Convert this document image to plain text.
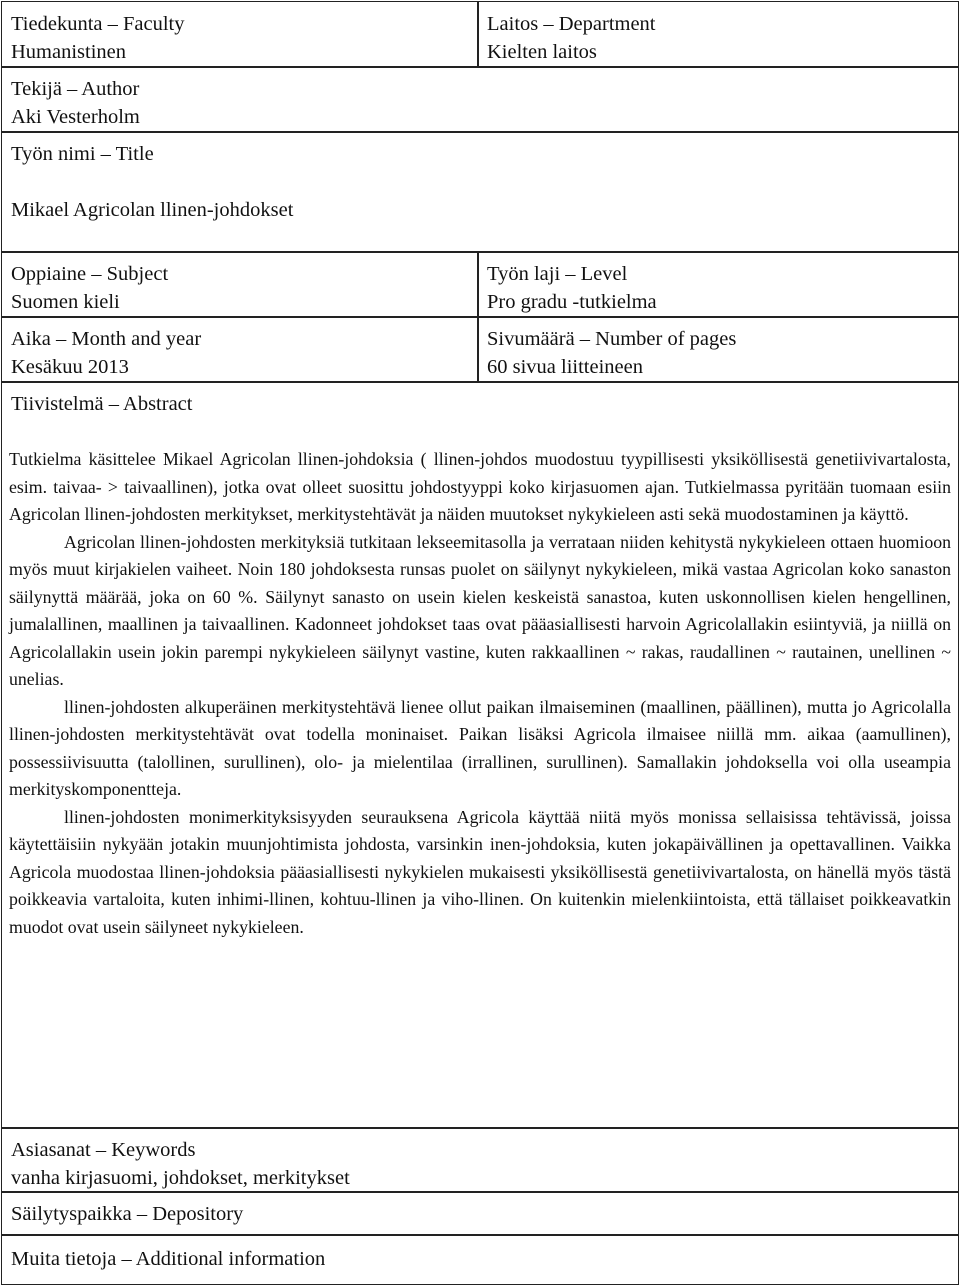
Tiedekunta – Faculty
Humanistinen
Laitos – Department
Kielten laitos
Tekijä – Author
Aki Vesterholm
Työn nimi – Title
Mikael Agricolan llinen-johdokset
Oppiaine – Subject
Suomen kieli
Työn laji – Level
Pro gradu -tutkielma
Aika – Month and year
Kesäkuu 2013
Sivumäärä – Number of pages
60 sivua liitteineen
Tiivistelmä – Abstract

Tutkielma käsittelee Mikael Agricolan llinen-johdoksia ( llinen-johdos muodostuu tyypillisesti yksiköllisestä genetiivivartalosta, esim. taivaa- > taivaallinen), jotka ovat olleet suosittu johdostyyppi koko kirjasuomen ajan. Tutkielmassa pyritään tuomaan esiin Agricolan llinen-johdosten merkitykset, merkitystehtävät ja näiden muutokset nykykieleen asti sekä muodostaminen ja käyttö.

Agricolan llinen-johdosten merkityksiä tutkitaan lekseemitasolla ja verrataan niiden kehitystä nykykieleen ottaen huomioon myös muut kirjakielen vaiheet. Noin 180 johdoksesta runsas puolet on säilynyt nykykieleen, mikä vastaa Agricolan koko sanaston säilynyttä määrää, joka on 60 %. Säilynyt sanasto on usein kielen keskeistä sanastoa, kuten uskonnollisen kielen hengellinen, jumalallinen, maallinen ja taivaallinen. Kadonneet johdokset taas ovat pääasiallisesti harvoin Agricolallakin esiintyviä, ja niillä on Agricolallakin usein jokin parempi nykykieleen säilynyt vastine, kuten rakkaallinen ~ rakas, raudallinen ~ rautainen, unellinen ~ unelias.

llinen-johdosten alkuperäinen merkitystehtävä lienee ollut paikan ilmaiseminen (maallinen, päällinen), mutta jo Agricolalla llinen-johdosten merkitystehtävät ovat todella moninaiset. Paikan lisäksi Agricola ilmaisee niillä mm. aikaa (aamullinen), possessiivisuutta (talollinen, surullinen), olo- ja mielentilaa (irrallinen, surullinen). Samallakin johdoksella voi olla useampia merkityskomponentteja.

llinen-johdosten monimerkityksisyyden seurauksena Agricola käyttää niitä myös monissa sellaisissa tehtävissä, joissa käytettäisiin nykyään jotakin muunjohtimista johdosta, varsinkin inen-johdoksia, kuten jokapäivällinen ja opettavallinen. Vaikka Agricola muodostaa llinen-johdoksia pääasiallisesti nykykielen mukaisesti yksiköllisestä genetiivivartalosta, on hänellä myös tästä poikkeavia vartaloita, kuten inhimi-llinen, kohtuu-llinen ja viho-llinen. On kuitenkin mielenkiintoista, että tällaiset poikkeavatkin muodot ovat usein säilyneet nykykieleen.

Asiasanat – Keywords
vanha kirjasuomi, johdokset, merkitykset
Säilytyspaikka – Depository
Muita tietoja – Additional information
